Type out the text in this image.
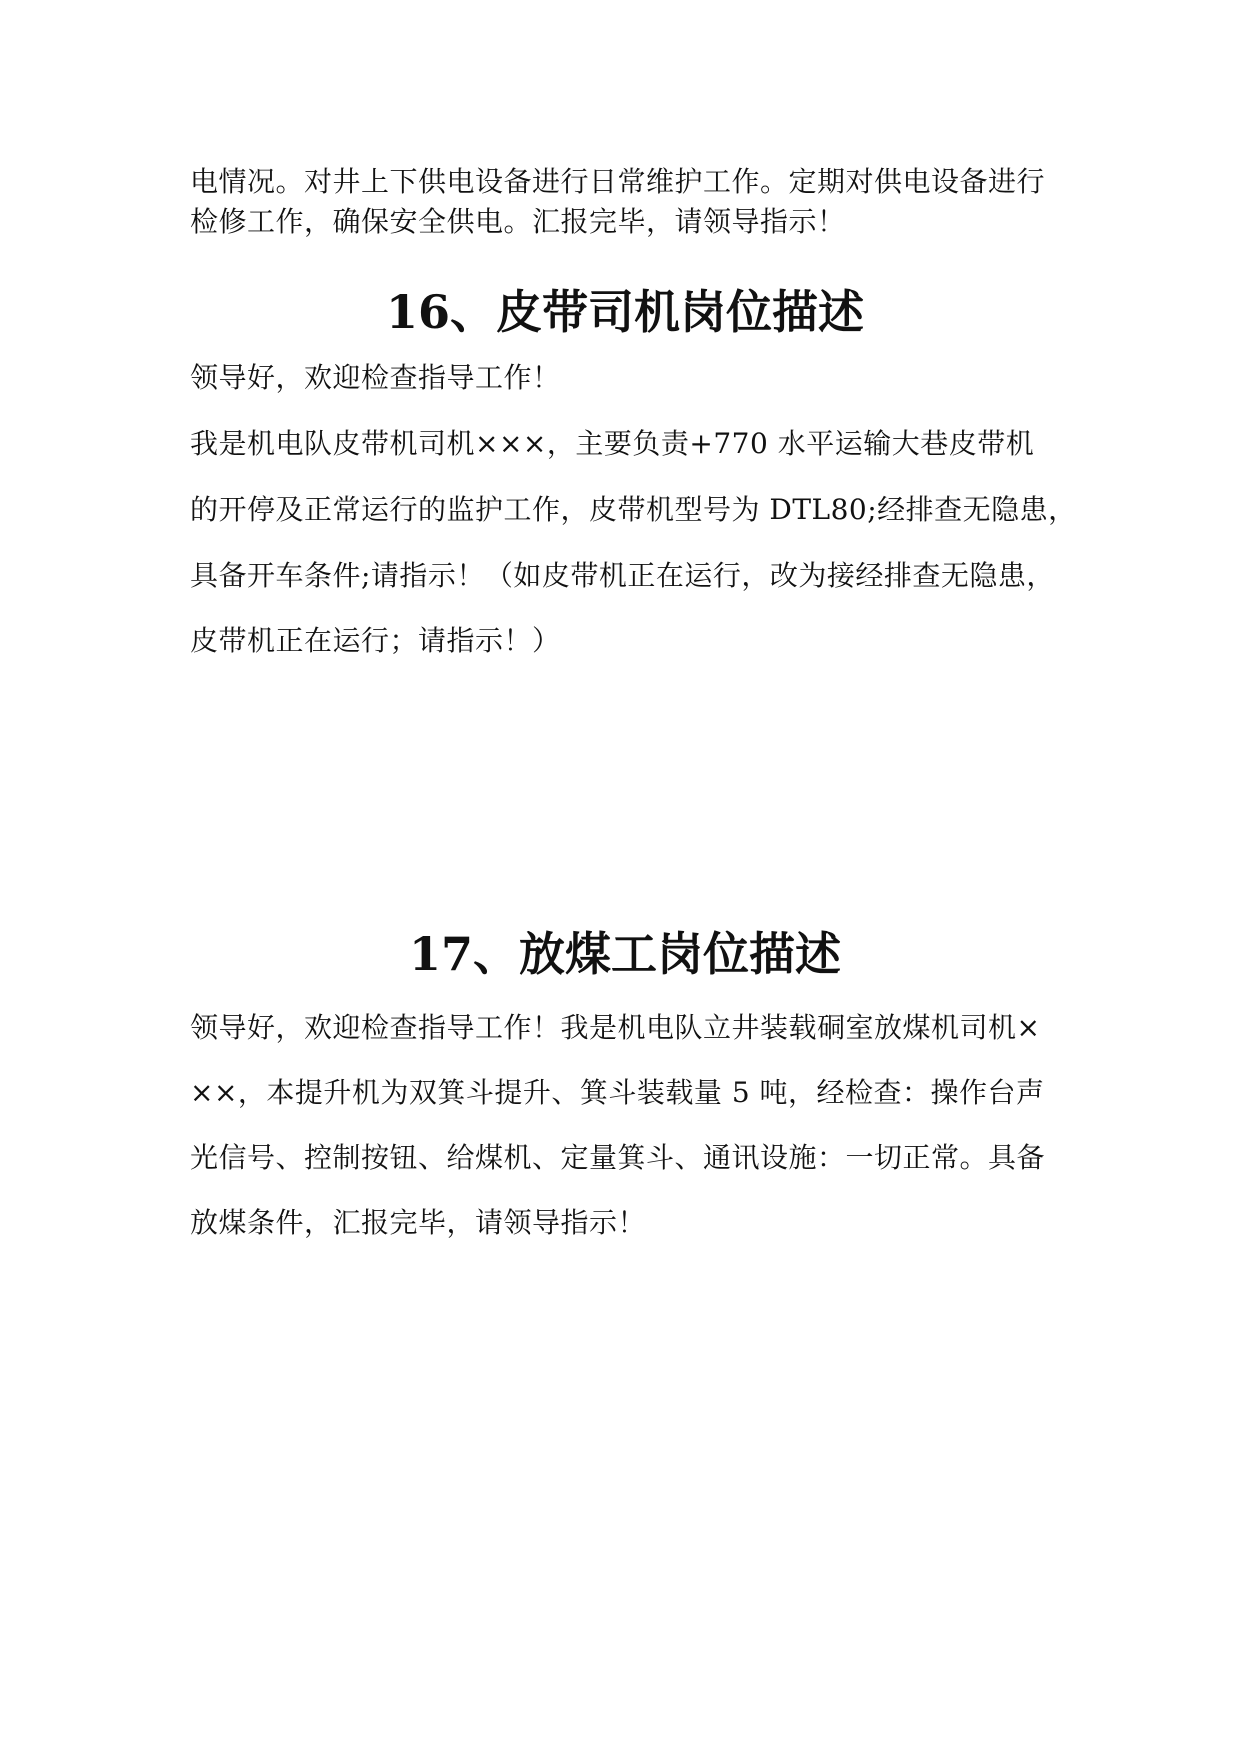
电情况。对井上下供电设备进行日常维护工作。定期对供电设备进行
检修工作，确保安全供电。汇报完毕，请领导指示！
16、皮带司机岗位描述
领导好，欢迎检查指导工作！
我是机电队皮带机司机×××，主要负责+770 水平运输大巷皮带机
的开停及正常运行的监护工作，皮带机型号为 DTL80;经排查无隐患，
具备开车条件;请指示！（如皮带机正在运行，改为接经排查无隐患，
皮带机正在运行；请指示！）
17、放煤工岗位描述
领导好，欢迎检查指导工作！我是机电队立井装载硐室放煤机司机×
××，本提升机为双箕斗提升、箕斗装载量 5 吨，经检查：操作台声
光信号、控制按钮、给煤机、定量箕斗、通讯设施：一切正常。具备
放煤条件，汇报完毕，请领导指示！
